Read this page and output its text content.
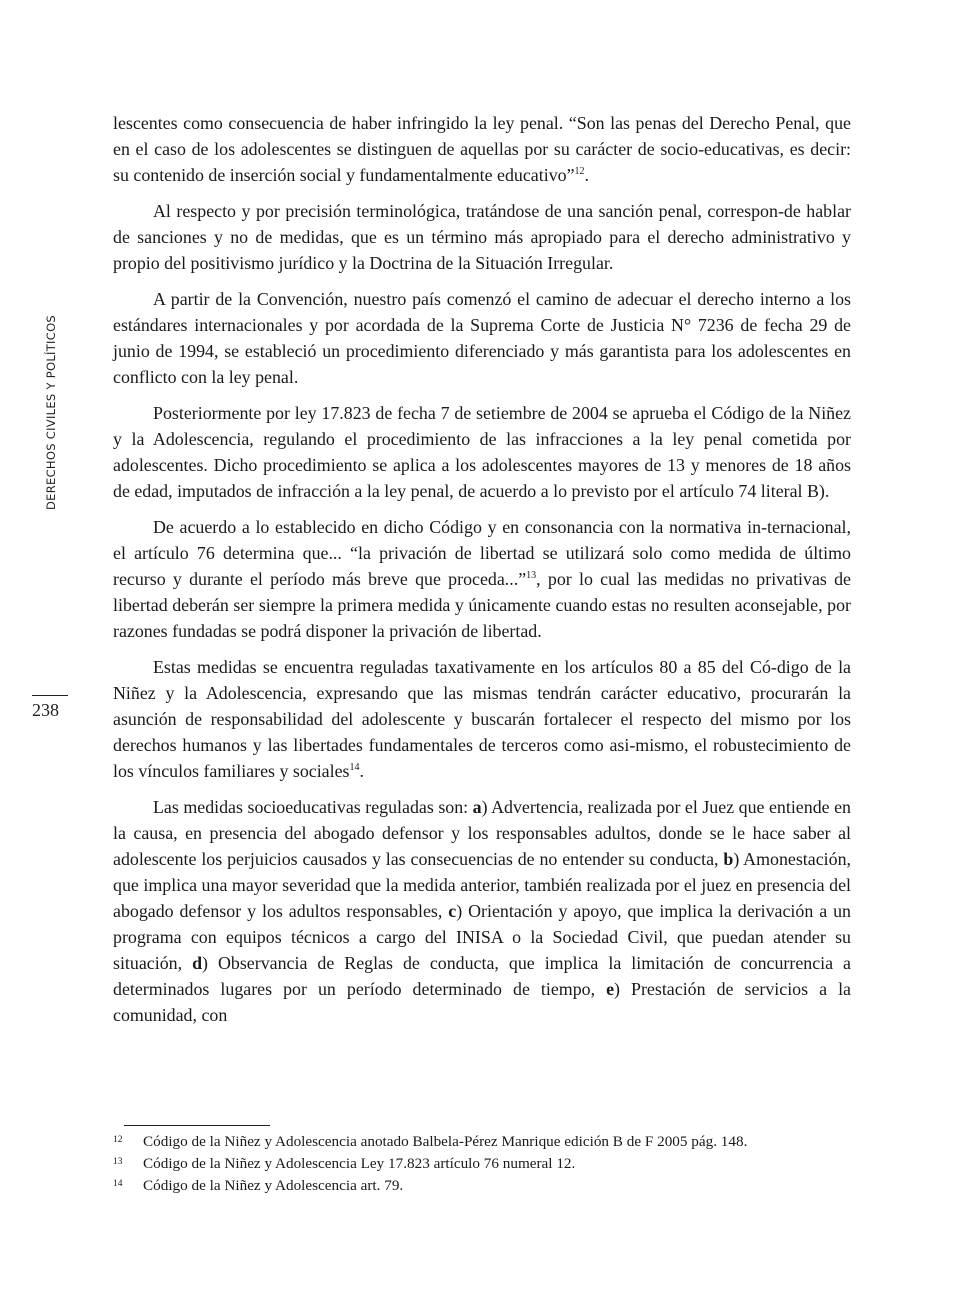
DERECHOS CIVILES Y POLÍTICOS
238

lescentes como consecuencia de haber infringido la ley penal. “Son las penas del Derecho Penal, que en el caso de los adolescentes se distinguen de aquellas por su carácter de socio-educativas, es decir: su contenido de inserción social y fundamentalmente educativo”$^{12}$.

Al respecto y por precisión terminológica, tratándose de una sanción penal, correspon-de hablar de sanciones y no de medidas, que es un término más apropiado para el derecho administrativo y propio del positivismo jurídico y la Doctrina de la Situación Irregular.

A partir de la Convención, nuestro país comenzó el camino de adecuar el derecho interno a los estándares internacionales y por acordada de la Suprema Corte de Justicia N° 7236 de fecha 29 de junio de 1994, se estableció un procedimiento diferenciado y más garantista para los adolescentes en conflicto con la ley penal.

Posteriormente por ley 17.823 de fecha 7 de setiembre de 2004 se aprueba el Código de la Niñez y la Adolescencia, regulando el procedimiento de las infracciones a la ley penal cometida por adolescentes. Dicho procedimiento se aplica a los adolescentes mayores de 13 y menores de 18 años de edad, imputados de infracción a la ley penal, de acuerdo a lo previsto por el artículo 74 literal B).

De acuerdo a lo establecido en dicho Código y en consonancia con la normativa in-ternacional, el artículo 76 determina que... “la privación de libertad se utilizará solo como medida de último recurso y durante el período más breve que proceda...”$^{13}$, por lo cual las medidas no privativas de libertad deberán ser siempre la primera medida y únicamente cuando estas no resulten aconsejable, por razones fundadas se podrá disponer la privación de libertad.

Estas medidas se encuentra reguladas taxativamente en los artículos 80 a 85 del Có-digo de la Niñez y la Adolescencia, expresando que las mismas tendrán carácter educativo, procurarán la asunción de responsabilidad del adolescente y buscarán fortalecer el respecto del mismo por los derechos humanos y las libertades fundamentales de terceros como asi-mismo, el robustecimiento de los vínculos familiares y sociales$^{14}$.

Las medidas socioeducativas reguladas son: a) Advertencia, realizada por el Juez que entiende en la causa, en presencia del abogado defensor y los responsables adultos, donde se le hace saber al adolescente los perjuicios causados y las consecuencias de no entender su conducta, b) Amonestación, que implica una mayor severidad que la medida anterior, también realizada por el juez en presencia del abogado defensor y los adultos responsables, c) Orientación y apoyo, que implica la derivación a un programa con equipos técnicos a cargo del INISA o la Sociedad Civil, que puedan atender su situación, d) Observancia de Reglas de conducta, que implica la limitación de concurrencia a determinados lugares por un período determinado de tiempo, e) Prestación de servicios a la comunidad, con

12 Código de la Niñez y Adolescencia anotado Balbela-Pérez Manrique edición B de F 2005 pág. 148.
13 Código de la Niñez y Adolescencia Ley 17.823 artículo 76 numeral 12.
14 Código de la Niñez y Adolescencia art. 79.
